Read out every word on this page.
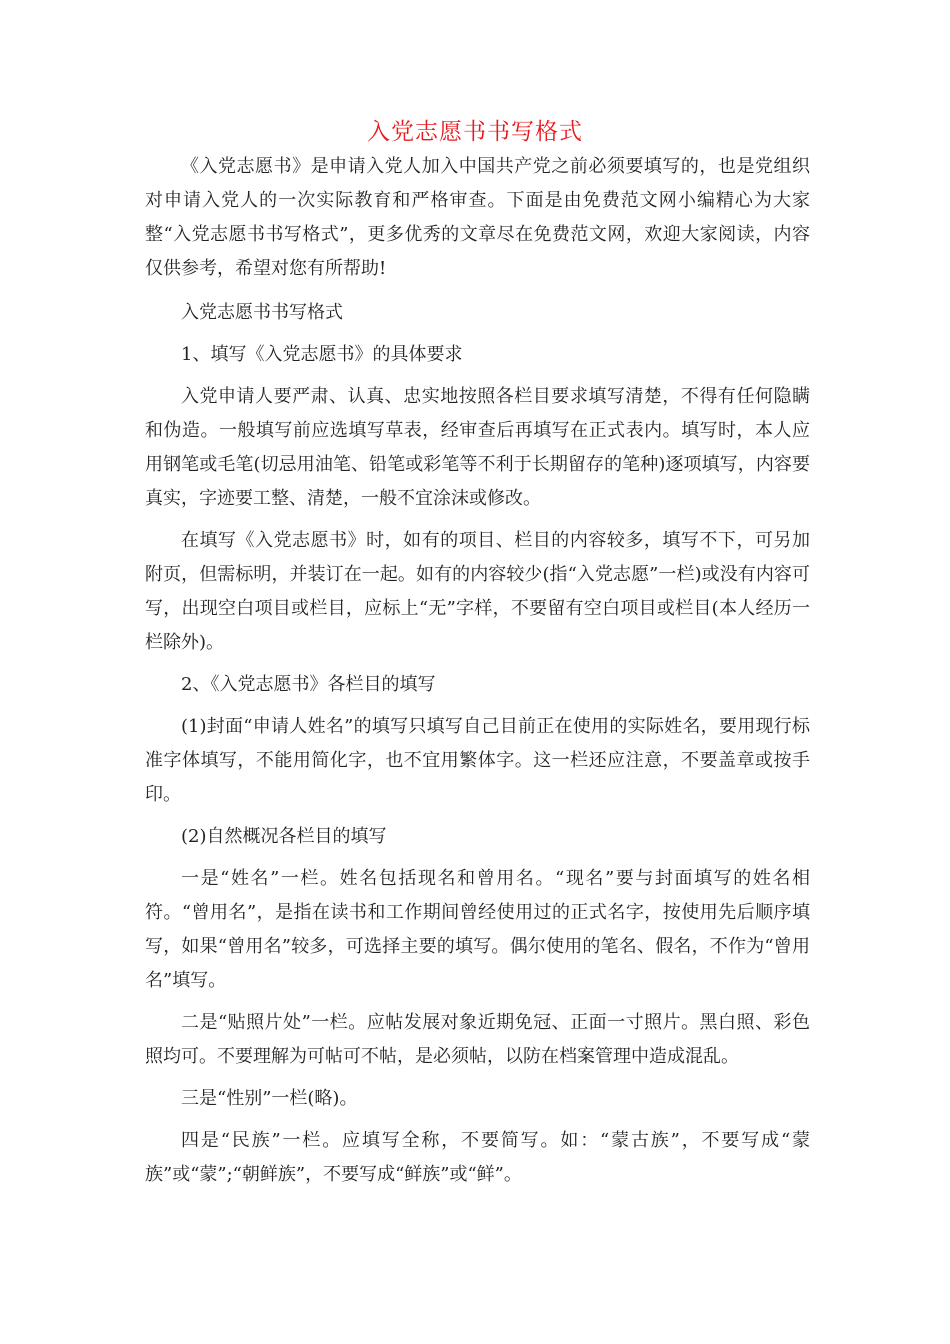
入党志愿书书写格式

《入党志愿书》是申请入党人加入中国共产党之前必须要填写的，也是党组织对申请入党人的一次实际教育和严格审查。下面是由免费范文网小编精心为大家整“入党志愿书书写格式”，更多优秀的文章尽在免费范文网，欢迎大家阅读，内容仅供参考，希望对您有所帮助!

入党志愿书书写格式

1、填写《入党志愿书》的具体要求

入党申请人要严肃、认真、忠实地按照各栏目要求填写清楚，不得有任何隐瞒和伪造。一般填写前应选填写草表，经审查后再填写在正式表内。填写时，本人应用钢笔或毛笔(切忌用油笔、铅笔或彩笔等不利于长期留存的笔种)逐项填写，内容要真实，字迹要工整、清楚，一般不宜涂沫或修改。

在填写《入党志愿书》时，如有的项目、栏目的内容较多，填写不下，可另加附页，但需标明，并装订在一起。如有的内容较少(指“入党志愿”一栏)或没有内容可写，出现空白项目或栏目，应标上“无”字样，不要留有空白项目或栏目(本人经历一栏除外)。

2、《入党志愿书》各栏目的填写

(1)封面“申请人姓名”的填写只填写自己目前正在使用的实际姓名，要用现行标准字体填写，不能用简化字，也不宜用繁体字。这一栏还应注意，不要盖章或按手印。

(2)自然概况各栏目的填写

一是“姓名”一栏。姓名包括现名和曾用名。“现名”要与封面填写的姓名相符。“曾用名”，是指在读书和工作期间曾经使用过的正式名字，按使用先后顺序填写，如果“曾用名”较多，可选择主要的填写。偶尔使用的笔名、假名，不作为“曾用名”填写。

二是“贴照片处”一栏。应帖发展对象近期免冠、正面一寸照片。黑白照、彩色照均可。不要理解为可帖可不帖，是必须帖，以防在档案管理中造成混乱。

三是“性别”一栏(略)。

四是“民族”一栏。应填写全称，不要简写。如：“蒙古族”，不要写成“蒙族”或“蒙”;“朝鲜族”，不要写成“鲜族”或“鲜”。
